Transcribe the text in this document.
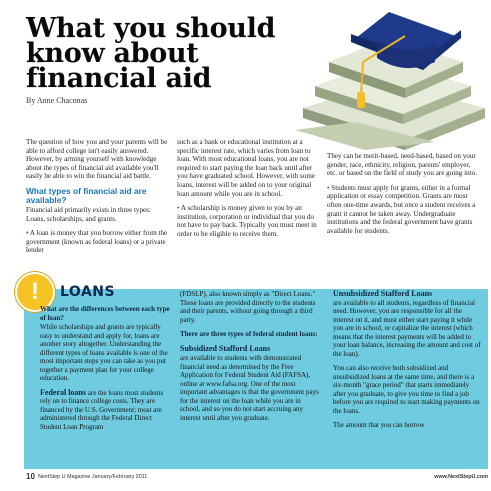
What you should know about financial aid
By Anne Chaconas

The question of how you and your parents will be able to afford college isn't easily answered. However, by arming yourself with knowledge about the types of financial aid available you'll easily be able to win the financial aid battle.

What types of financial aid are available?

Financial aid primarily exists in three types: Loans, scholarships, and grants.

• A loan is money that you borrow either from the government (known as federal loans) or a private lender

such as a bank or educational institution at a specific interest rate, which varies from loan to loan. With most educational loans, you are not required to start paying the loan back until after you have graduated school. However, with some loans, interest will be added on to your original loan amount while you are in school.

• A scholarship is money given to you by an institution, corporation or individual that you do not have to pay back. Typically you must meet in order to be eligible to receive them.

They can be merit-based, need-based, based on your gender, race, ethnicity, religion, parents' employer, etc. or based on the field of study you are going into.

• Students must apply for grants, either in a formal application or essay competition. Grants are most often one-time awards, but once a student receives a grant it cannot be taken away. Undergraduate institutions and the federal government have grants available for students.

!	LOANS

What are the differences between each type of loan?

While scholarships and grants are typically easy to understand and apply for, loans are another story altogether. Understanding the different types of loans available is one of the most important steps you can take as you put together a payment plan for your college education.

Federal loans are the loans most students rely on to finance college costs. They are financed by the U.S. Government; most are administered through the Federal Direct Student Loan Program

(FDSLP), also known simply as "Direct Loans." These loans are provided directly to the students and their parents, without going through a third party.

There are three types of federal student loans:

Subsidized Stafford Loans

are available to students with demonstrated financial need as determined by the Free Application for Federal Student Aid (FAFSA), online at www.fafsa.org. One of the most important advantages is that the government pays for the interest on the loan while you are in school, and so you do not start accruing any interest until after you graduate.

Unsubsidized Stafford Loans

are available to all students, regardless of financial need. However, you are responsible for all the interest on it, and must either start paying it while you are in school, or capitalize the interest (which means that the interest payments will be added to your loan balance, increasing the amount and cost of the loan).

You can also receive both subsidized and unsubsidized loans at the same time, and there is a six-month "grace period" that starts immediately after you graduate, to give you time to find a job before you are required to start making payments on the loans.

The amount that you can borrow

10 NextStep U Magazine January/February 2011	www.NextStepU.com
